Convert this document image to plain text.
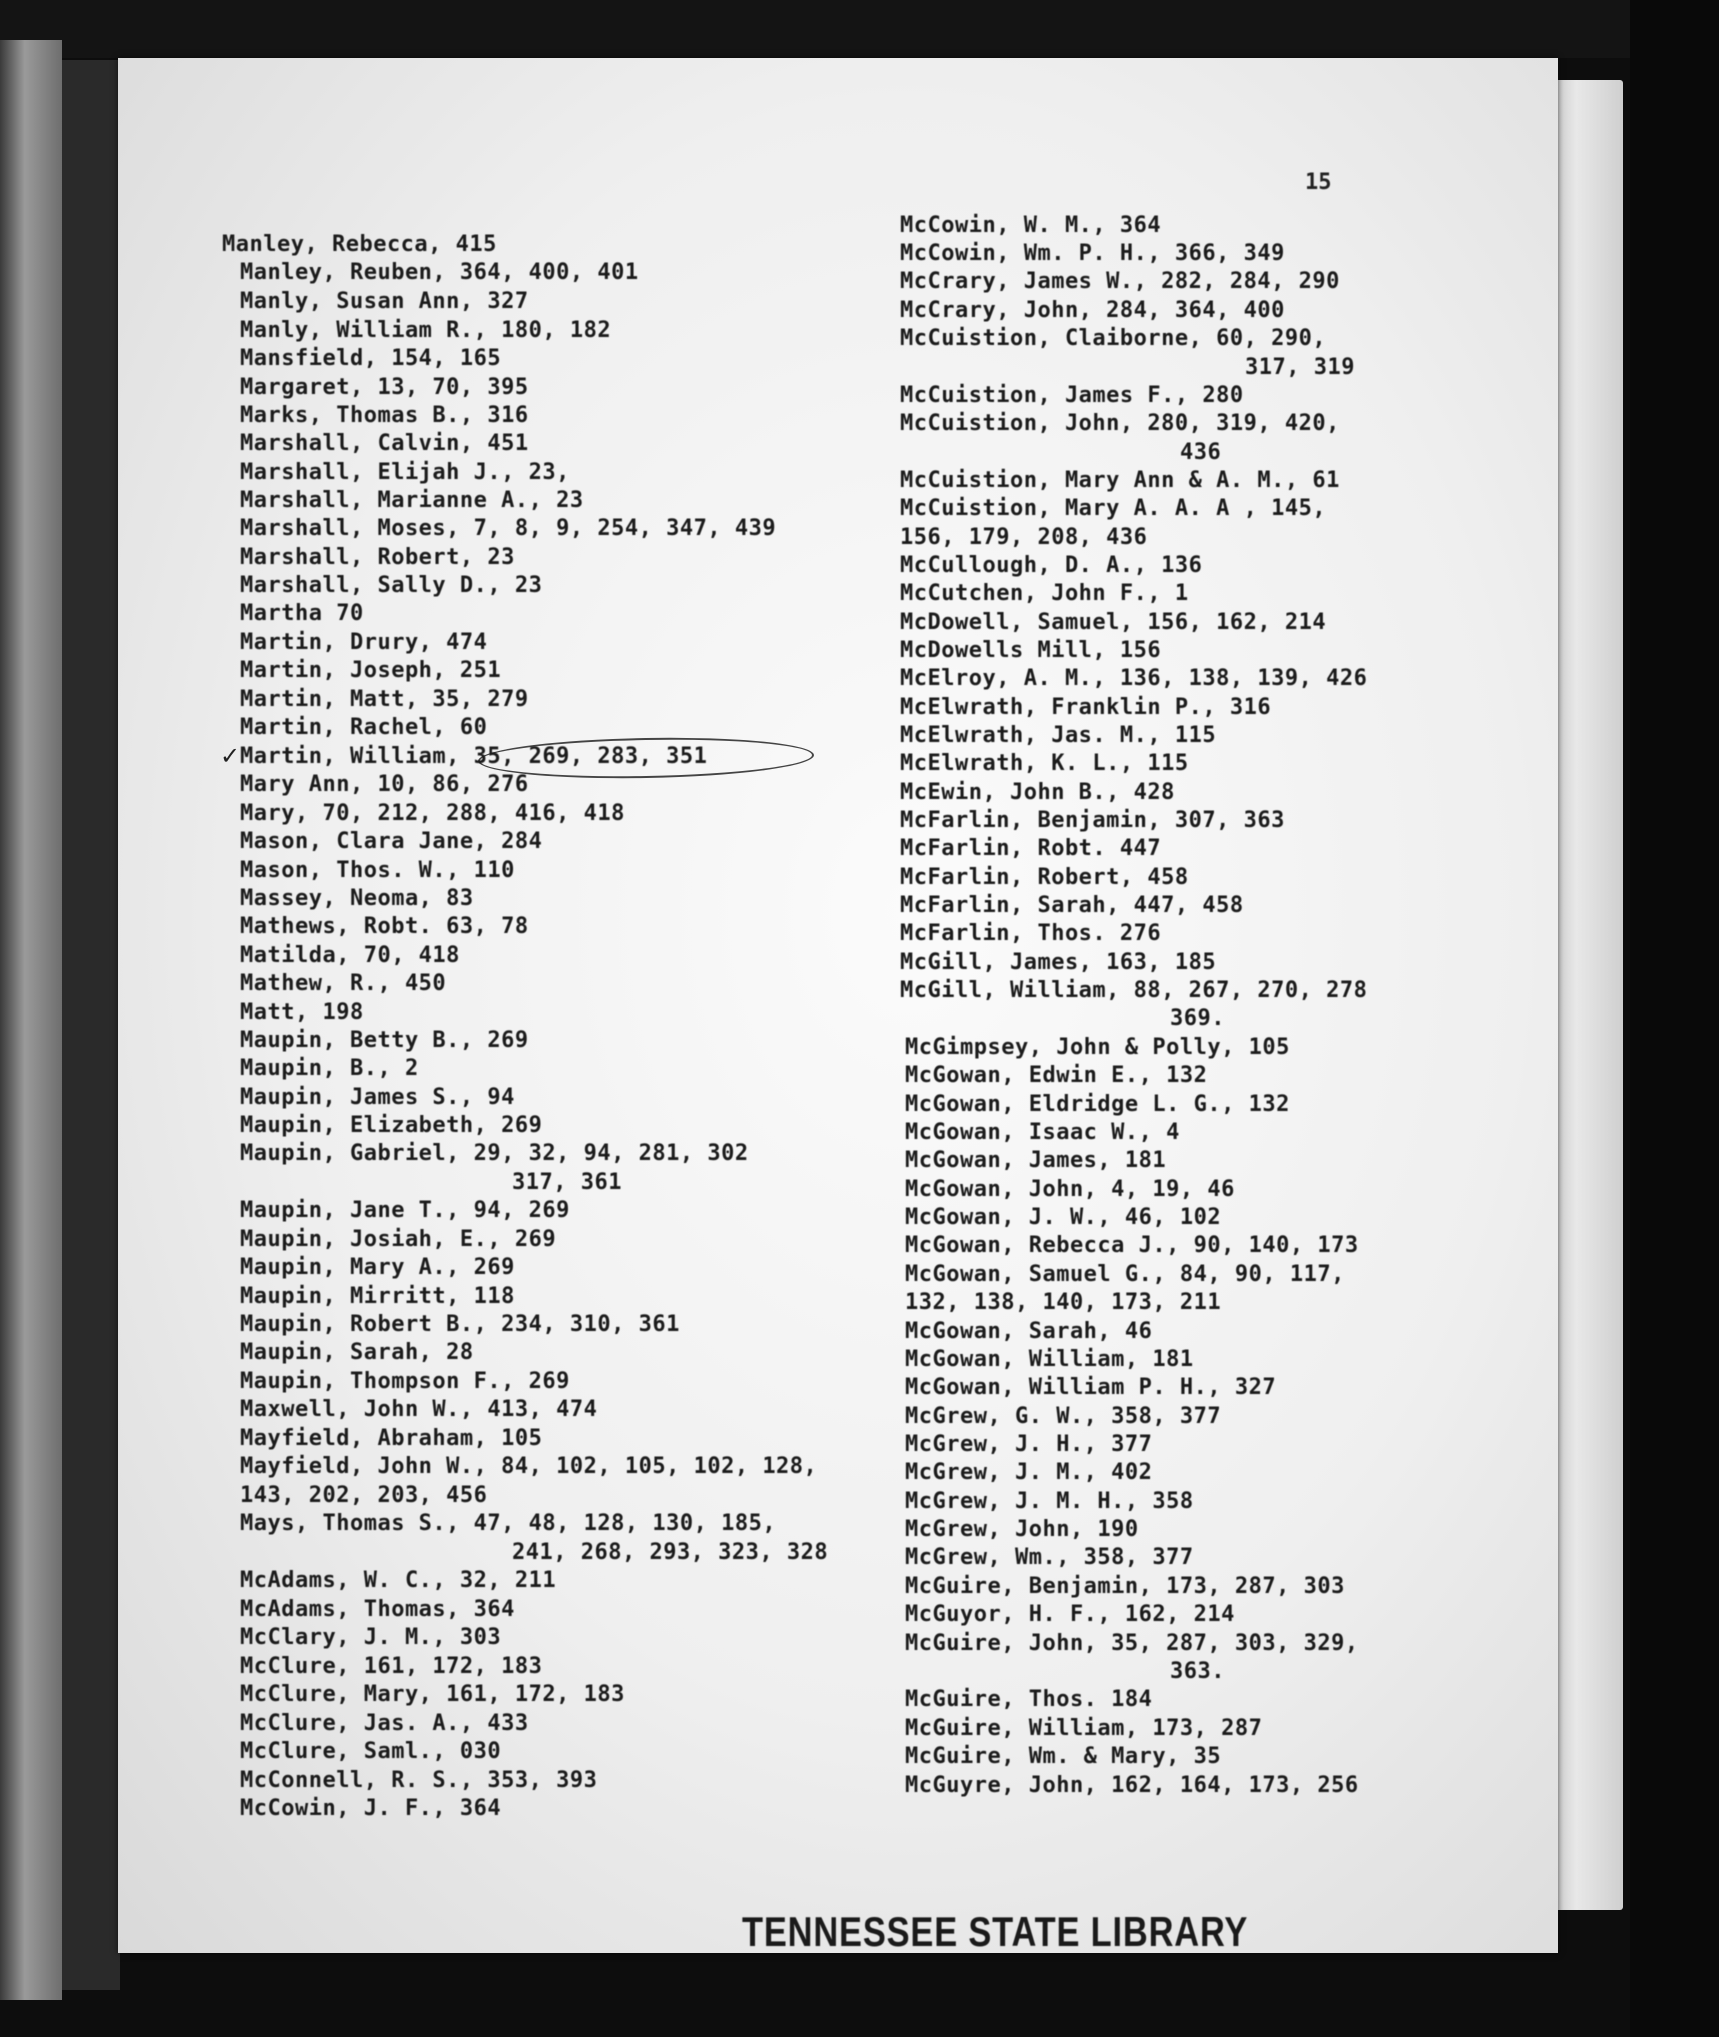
15
✓
TENNESSEE STATE LIBRARY
Manley, Rebecca, 415
Manley, Reuben, 364, 400, 401
Manly, Susan Ann, 327
Manly, William R., 180, 182
Mansfield, 154, 165
Margaret, 13, 70, 395
Marks, Thomas B., 316
Marshall, Calvin, 451
Marshall, Elijah J., 23,
Marshall, Marianne A., 23
Marshall, Moses, 7, 8, 9, 254, 347, 439
Marshall, Robert, 23
Marshall, Sally D., 23
Martha 70
Martin, Drury, 474
Martin, Joseph, 251
Martin, Matt, 35, 279
Martin, Rachel, 60
Martin, William, 35, 269, 283, 351
Mary Ann, 10, 86, 276
Mary, 70, 212, 288, 416, 418
Mason, Clara Jane, 284
Mason, Thos. W., 110
Massey, Neoma, 83
Mathews, Robt. 63, 78
Matilda, 70, 418
Mathew, R., 450
Matt, 198
Maupin, Betty B., 269
Maupin, B., 2
Maupin, James S., 94
Maupin, Elizabeth, 269
Maupin, Gabriel, 29, 32, 94, 281, 302
317, 361
Maupin, Jane T., 94, 269
Maupin, Josiah, E., 269
Maupin, Mary A., 269
Maupin, Mirritt, 118
Maupin, Robert B., 234, 310, 361
Maupin, Sarah, 28
Maupin, Thompson F., 269
Maxwell, John W., 413, 474
Mayfield, Abraham, 105
Mayfield, John W., 84, 102, 105, 102, 128,
143, 202, 203, 456
Mays, Thomas S., 47, 48, 128, 130, 185,
241, 268, 293, 323, 328
McAdams, W. C., 32, 211
McAdams, Thomas, 364
McClary, J. M., 303
McClure, 161, 172, 183
McClure, Mary, 161, 172, 183
McClure, Jas. A., 433
McClure, Saml., 030
McConnell, R. S., 353, 393
McCowin, J. F., 364
McCowin, W. M., 364
McCowin, Wm. P. H., 366, 349
McCrary, James W., 282, 284, 290
McCrary, John, 284, 364, 400
McCuistion, Claiborne, 60, 290,
317, 319
McCuistion, James F., 280
McCuistion, John, 280, 319, 420,
436
McCuistion, Mary Ann & A. M., 61
McCuistion, Mary A. A. A , 145,
156, 179, 208, 436
McCullough, D. A., 136
McCutchen, John F., 1
McDowell, Samuel, 156, 162, 214
McDowells Mill, 156
McElroy, A. M., 136, 138, 139, 426
McElwrath, Franklin P., 316
McElwrath, Jas. M., 115
McElwrath, K. L., 115
McEwin, John B., 428
McFarlin, Benjamin, 307, 363
McFarlin, Robt. 447
McFarlin, Robert, 458
McFarlin, Sarah, 447, 458
McFarlin, Thos. 276
McGill, James, 163, 185
McGill, William, 88, 267, 270, 278
369.
McGimpsey, John & Polly, 105
McGowan, Edwin E., 132
McGowan, Eldridge L. G., 132
McGowan, Isaac W., 4
McGowan, James, 181
McGowan, John, 4, 19, 46
McGowan, J. W., 46, 102
McGowan, Rebecca J., 90, 140, 173
McGowan, Samuel G., 84, 90, 117,
132, 138, 140, 173, 211
McGowan, Sarah, 46
McGowan, William, 181
McGowan, William P. H., 327
McGrew, G. W., 358, 377
McGrew, J. H., 377
McGrew, J. M., 402
McGrew, J. M. H., 358
McGrew, John, 190
McGrew, Wm., 358, 377
McGuire, Benjamin, 173, 287, 303
McGuyor, H. F., 162, 214
McGuire, John, 35, 287, 303, 329,
363.
McGuire, Thos. 184
McGuire, William, 173, 287
McGuire, Wm. & Mary, 35
McGuyre, John, 162, 164, 173, 256
